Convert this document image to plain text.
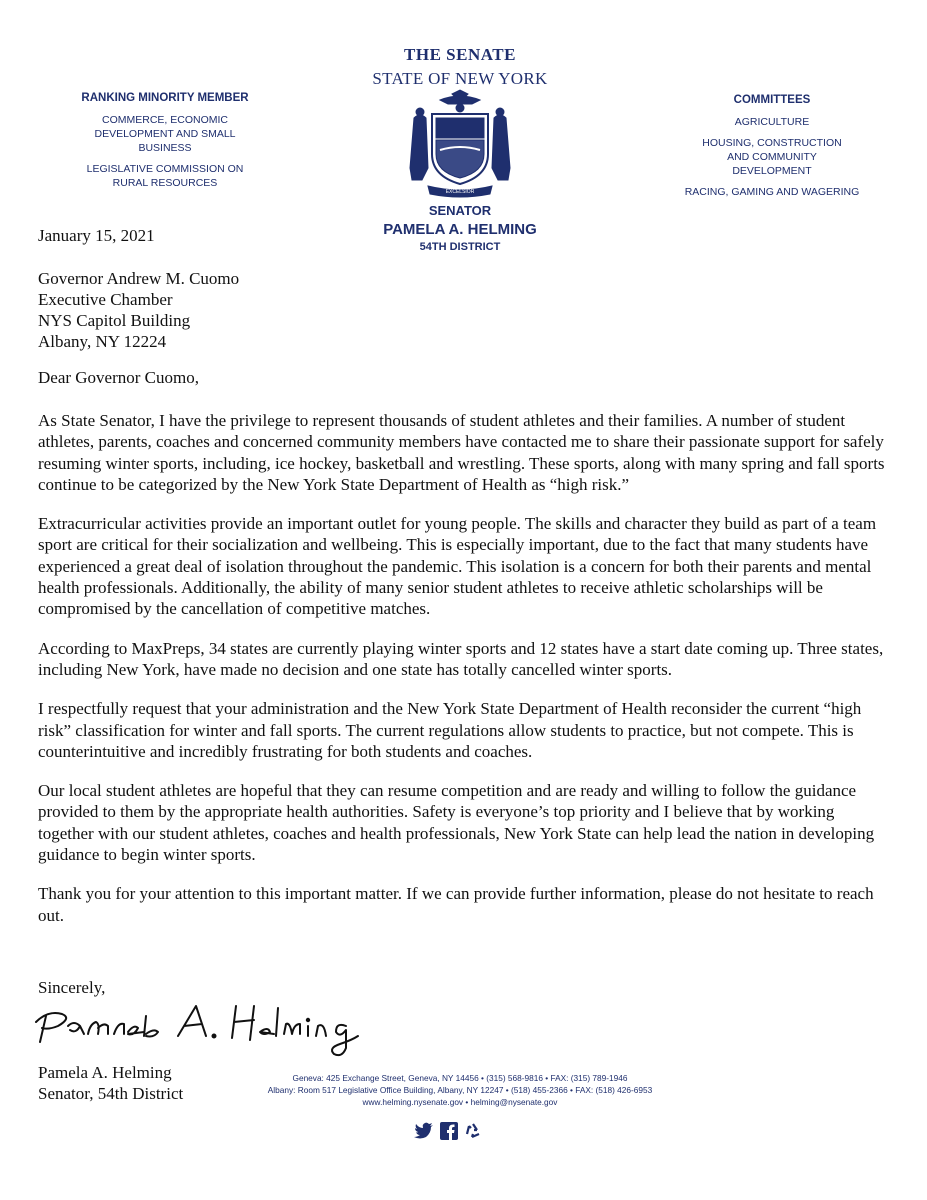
RANKING MINORITY MEMBER
COMMERCE, ECONOMIC DEVELOPMENT AND SMALL BUSINESS
LEGISLATIVE COMMISSION ON RURAL RESOURCES
THE SENATE
STATE OF NEW YORK
SENATOR
PAMELA A. HELMING
54TH DISTRICT
EXCELSIOR
COMMITTEES
AGRICULTURE
HOUSING, CONSTRUCTION AND COMMUNITY DEVELOPMENT
RACING, GAMING AND WAGERING
January 15, 2021
Governor Andrew M. Cuomo
Executive Chamber
NYS Capitol Building
Albany, NY 12224
Dear Governor Cuomo,

As State Senator, I have the privilege to represent thousands of student athletes and their families. A number of student athletes, parents, coaches and concerned community members have contacted me to share their passionate support for safely resuming winter sports, including, ice hockey, basketball and wrestling. These sports, along with many spring and fall sports continue to be categorized by the New York State Department of Health as “high risk.”

Extracurricular activities provide an important outlet for young people. The skills and character they build as part of a team sport are critical for their socialization and wellbeing. This is especially important, due to the fact that many students have experienced a great deal of isolation throughout the pandemic. This isolation is a concern for both their parents and mental health professionals. Additionally, the ability of many senior student athletes to receive athletic scholarships will be compromised by the cancellation of competitive matches.

According to MaxPreps, 34 states are currently playing winter sports and 12 states have a start date coming up. Three states, including New York, have made no decision and one state has totally cancelled winter sports.

I respectfully request that your administration and the New York State Department of Health reconsider the current “high risk” classification for winter and fall sports. The current regulations allow students to practice, but not compete. This is counterintuitive and incredibly frustrating for both students and coaches.

Our local student athletes are hopeful that they can resume competition and are ready and willing to follow the guidance provided to them by the appropriate health authorities. Safety is everyone’s top priority and I believe that by working together with our student athletes, coaches and health professionals, New York State can help lead the nation in developing guidance to begin winter sports.

Thank you for your attention to this important matter. If we can provide further information, please do not hesitate to reach out.

Sincerely,
Pamela A. Helming
Senator, 54th District
Geneva: 425 Exchange Street, Geneva, NY 14456 • (315) 568-9816 • FAX: (315) 789-1946
Albany: Room 517 Legislative Office Building, Albany, NY 12247 • (518) 455-2366 • FAX: (518) 426-6953
www.helming.nysenate.gov • helming@nysenate.gov
